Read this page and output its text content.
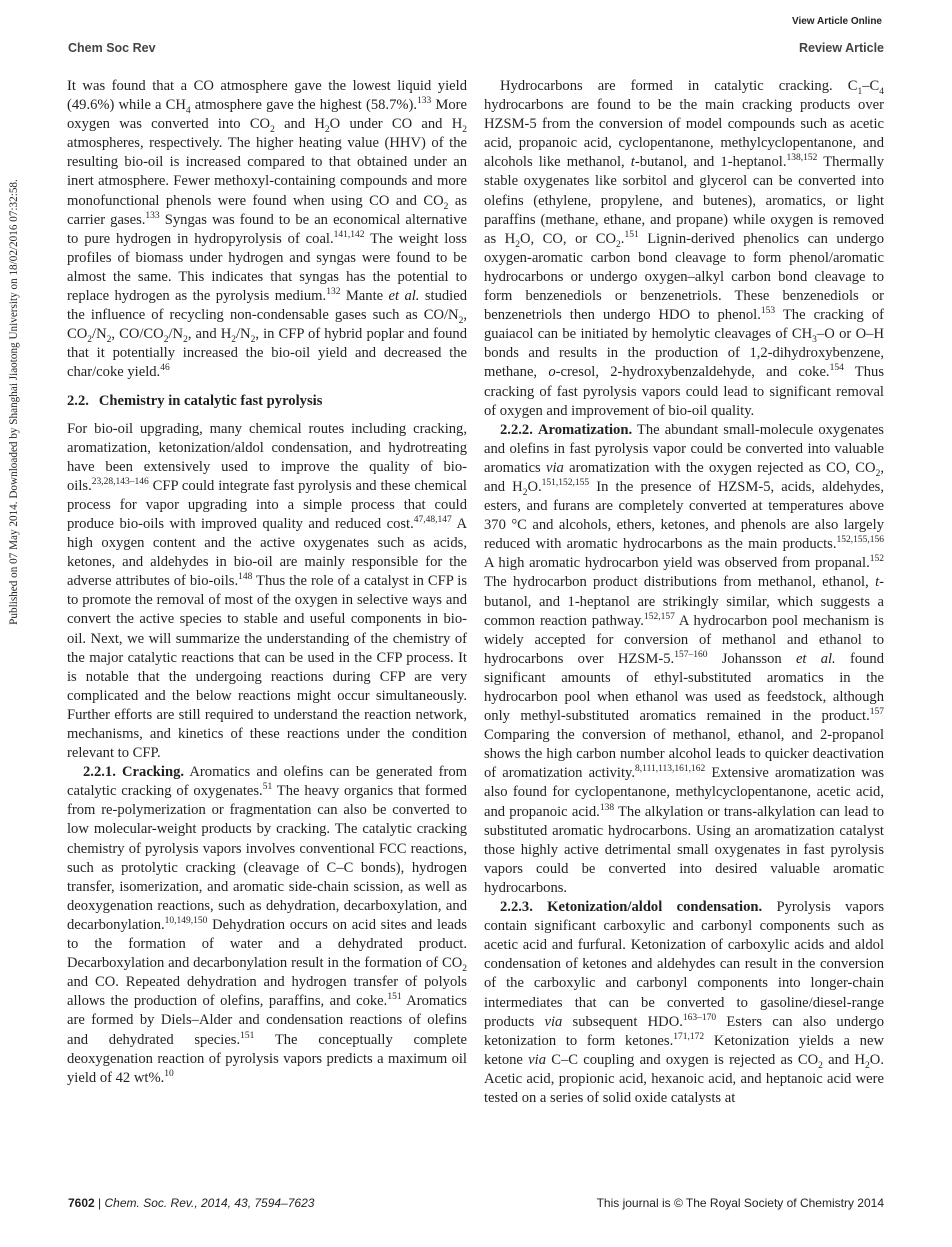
View Article Online
Chem Soc Rev	Review Article
Published on 07 May 2014. Downloaded by Shanghai Jiaotong University on 18/02/2016 07:32:58.

It was found that a CO atmosphere gave the lowest liquid yield (49.6%) while a $CH_4$ atmosphere gave the highest (58.7%).$^{133}$ More oxygen was converted into $CO_2$ and $H_2O$ under CO and $H_2$ atmospheres, respectively. The higher heating value (HHV) of the resulting bio-oil is increased compared to that obtained under an inert atmosphere. Fewer methoxyl-containing compounds and more monofunctional phenols were found when using CO and $CO_2$ as carrier gases.$^{133}$ Syngas was found to be an economical alternative to pure hydrogen in hydropyrolysis of coal.$^{141,142}$ The weight loss profiles of biomass under hydrogen and syngas were found to be almost the same. This indicates that syngas has the potential to replace hydrogen as the pyrolysis medium.$^{132}$ Mante et al. studied the influence of recycling non-condensable gases such as $CO/N_2$, $CO_2/N_2$, $CO/CO_2/N_2$, and $H_2/N_2$, in CFP of hybrid poplar and found that it potentially increased the bio-oil yield and decreased the char/coke yield.$^{46}$

2.2. Chemistry in catalytic fast pyrolysis

For bio-oil upgrading, many chemical routes including cracking, aromatization, ketonization/aldol condensation, and hydrotreating have been extensively used to improve the quality of bio-oils.$^{23,28,143-146}$ CFP could integrate fast pyrolysis and these chemical process for vapor upgrading into a simple process that could produce bio-oils with improved quality and reduced cost.$^{47,48,147}$ A high oxygen content and the active oxygenates such as acids, ketones, and aldehydes in bio-oil are mainly responsible for the adverse attributes of bio-oils.$^{148}$ Thus the role of a catalyst in CFP is to promote the removal of most of the oxygen in selective ways and convert the active species to stable and useful components in bio-oil. Next, we will summarize the understanding of the chemistry of the major catalytic reactions that can be used in the CFP process. It is notable that the undergoing reactions during CFP are very complicated and the below reactions might occur simultaneously. Further efforts are still required to understand the reaction network, mechanisms, and kinetics of these reactions under the condition relevant to CFP.

2.2.1. Cracking. Aromatics and olefins can be generated from catalytic cracking of oxygenates.$^{51}$ The heavy organics that formed from re-polymerization or fragmentation can also be converted to low molecular-weight products by cracking. The catalytic cracking chemistry of pyrolysis vapors involves conventional FCC reactions, such as protolytic cracking (cleavage of C–C bonds), hydrogen transfer, isomerization, and aromatic side-chain scission, as well as deoxygenation reactions, such as dehydration, decarboxylation, and decarbonylation.$^{10,149,150}$ Dehydration occurs on acid sites and leads to the formation of water and a dehydrated product. Decarboxylation and decarbonylation result in the formation of $CO_2$ and CO. Repeated dehydration and hydrogen transfer of polyols allows the production of olefins, paraffins, and coke.$^{151}$ Aromatics are formed by Diels–Alder and condensation reactions of olefins and dehydrated species.$^{151}$ The conceptually complete deoxygenation reaction of pyrolysis vapors predicts a maximum oil yield of 42 wt%.$^{10}$

Hydrocarbons are formed in catalytic cracking. $C_1-C_4$ hydrocarbons are found to be the main cracking products over HZSM-5 from the conversion of model compounds such as acetic acid, propanoic acid, cyclopentanone, methylcyclopentanone, and alcohols like methanol, t-butanol, and 1-heptanol.$^{138,152}$ Thermally stable oxygenates like sorbitol and glycerol can be converted into olefins (ethylene, propylene, and butenes), aromatics, or light paraffins (methane, ethane, and propane) while oxygen is removed as $H_2O$, CO, or $CO_2.^{151}$ Lignin-derived phenolics can undergo oxygen-aromatic carbon bond cleavage to form phenol/aromatic hydrocarbons or undergo oxygen–alkyl carbon bond cleavage to form benzenediols or benzenetriols. These benzenediols or benzenetriols then undergo HDO to phenol.$^{153}$ The cracking of guaiacol can be initiated by hemolytic cleavages of $CH_3-O$ or O–H bonds and results in the production of 1,2-dihydroxybenzene, methane, o-cresol, 2-hydroxybenzaldehyde, and coke.$^{154}$ Thus cracking of fast pyrolysis vapors could lead to significant removal of oxygen and improvement of bio-oil quality.

2.2.2. Aromatization. The abundant small-molecule oxygenates and olefins in fast pyrolysis vapor could be converted into valuable aromatics via aromatization with the oxygen rejected as CO, $CO_2$, and $H_2O.^{151,152,155}$ In the presence of HZSM-5, acids, aldehydes, esters, and furans are completely converted at temperatures above 370 °C and alcohols, ethers, ketones, and phenols are also largely reduced with aromatic hydrocarbons as the main products.$^{152,155,156}$ A high aromatic hydrocarbon yield was observed from propanal.$^{152}$ The hydrocarbon product distributions from methanol, ethanol, t-butanol, and 1-heptanol are strikingly similar, which suggests a common reaction pathway.$^{152,157}$ A hydrocarbon pool mechanism is widely accepted for conversion of methanol and ethanol to hydrocarbons over HZSM-5.$^{157-160}$ Johansson et al. found significant amounts of ethyl-substituted aromatics in the hydrocarbon pool when ethanol was used as feedstock, although only methyl-substituted aromatics remained in the product.$^{157}$ Comparing the conversion of methanol, ethanol, and 2-propanol shows the high carbon number alcohol leads to quicker deactivation of aromatization activity.$^{8,111,113,161,162}$ Extensive aromatization was also found for cyclopentanone, methylcyclopentanone, acetic acid, and propanoic acid.$^{138}$ The alkylation or trans-alkylation can lead to substituted aromatic hydrocarbons. Using an aromatization catalyst those highly active detrimental small oxygenates in fast pyrolysis vapors could be converted into desired valuable aromatic hydrocarbons.

2.2.3. Ketonization/aldol condensation. Pyrolysis vapors contain significant carboxylic and carbonyl components such as acetic acid and furfural. Ketonization of carboxylic acids and aldol condensation of ketones and aldehydes can result in the conversion of the carboxylic and carbonyl components into longer-chain intermediates that can be converted to gasoline/diesel-range products via subsequent HDO.$^{163-170}$ Esters can also undergo ketonization to form ketones.$^{171,172}$ Ketonization yields a new ketone via C–C coupling and oxygen is rejected as $CO_2$ and $H_2O$. Acetic acid, propionic acid, hexanoic acid, and heptanoic acid were tested on a series of solid oxide catalysts at

7602 | Chem. Soc. Rev., 2014, 43, 7594–7623	This journal is © The Royal Society of Chemistry 2014
